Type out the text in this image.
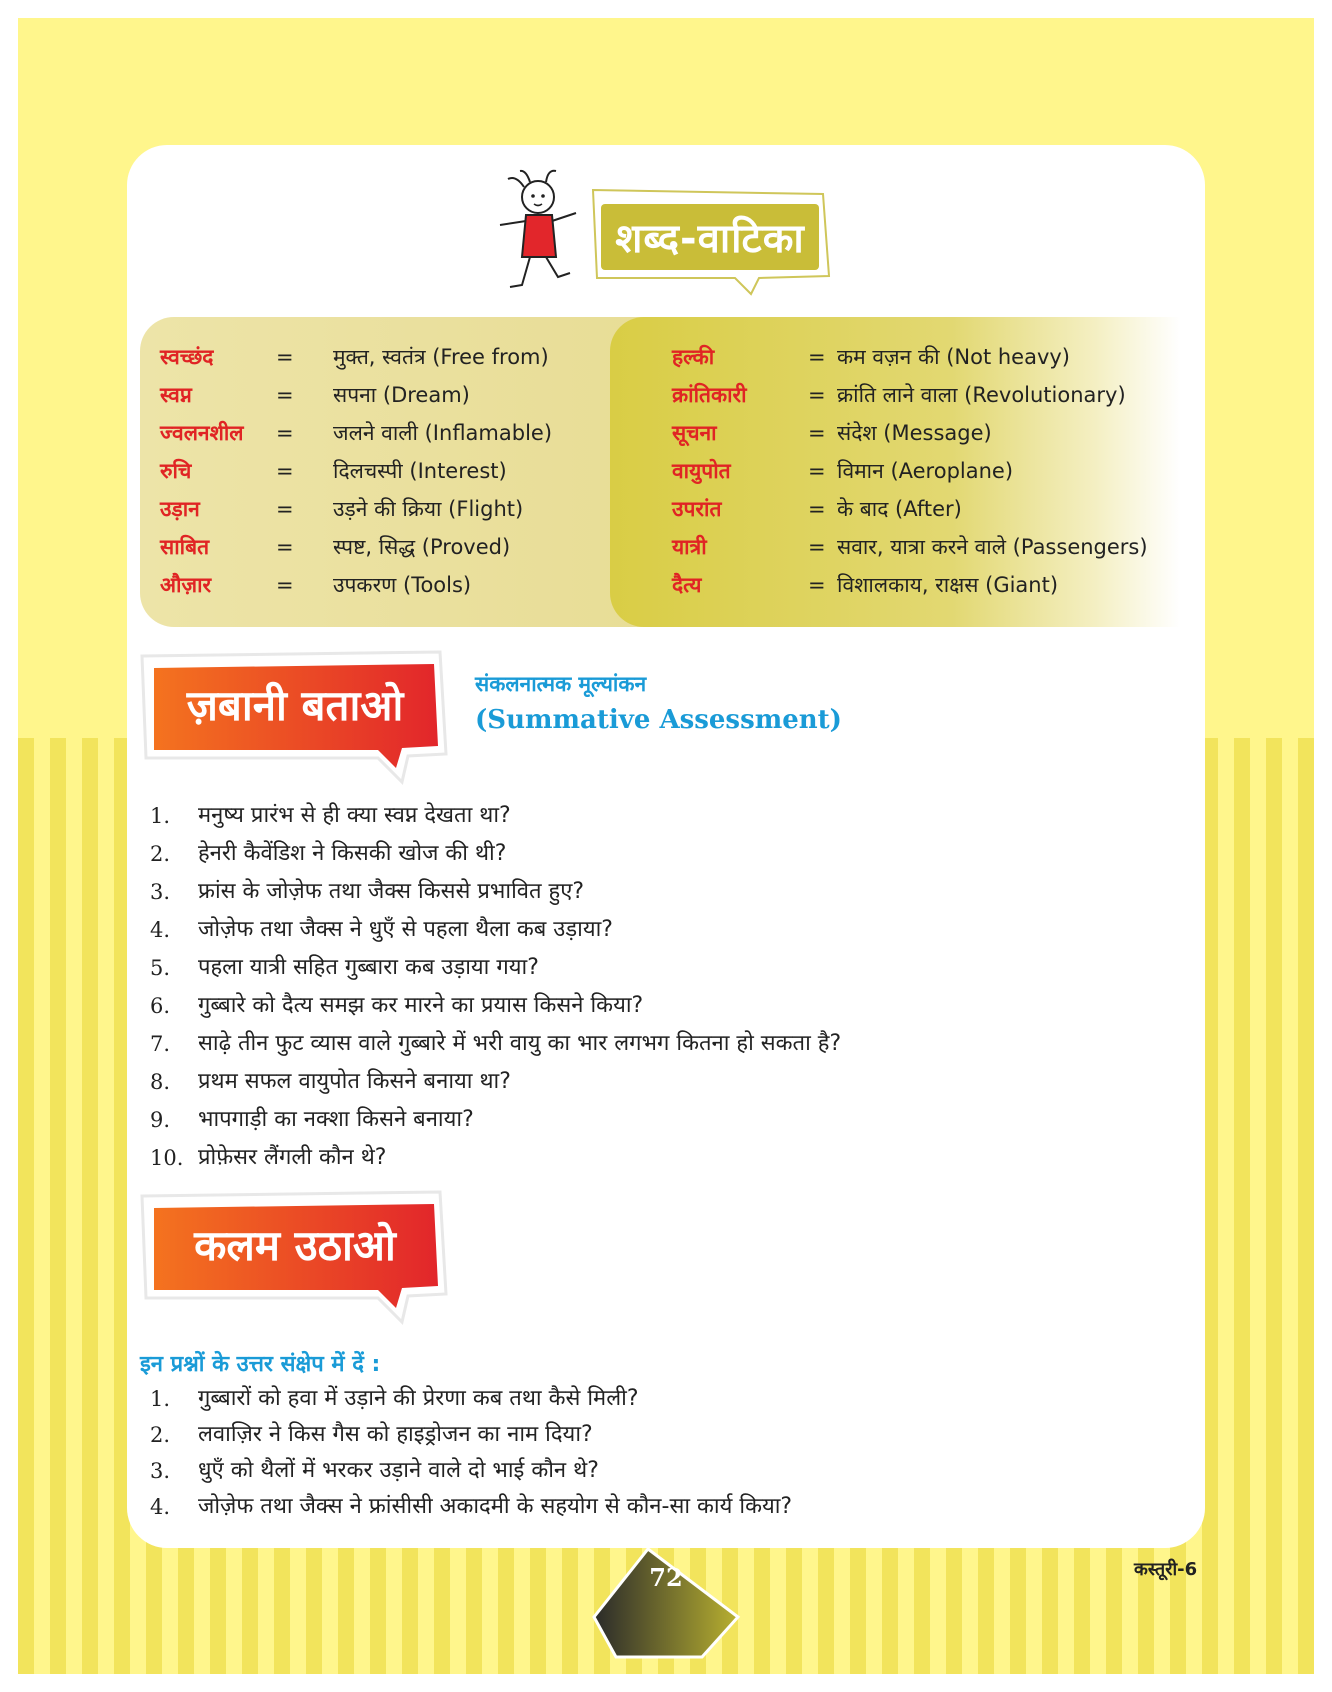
शब्द-वाटिका
स्वच्छंद	= मुक्त, स्वतंत्र (Free from)
स्वप्न	= सपना (Dream)
ज्वलनशील = जलने वाली (Inflamable)
रुचि	= दिलचस्पी (Interest)
उड़ान	= उड़ने की क्रिया (Flight)
साबित	= स्पष्ट, सिद्ध (Proved)
औज़ार	= उपकरण (Tools)
हल्की	= कम वज़न की (Not heavy)
क्रांतिकारी	= क्रांति लाने वाला (Revolutionary)
सूचना	= संदेश (Message)
वायुपोत	= विमान (Aeroplane)
उपरांत	= के बाद (After)
यात्री	= सवार, यात्रा करने वाले (Passengers)
दैत्य	= विशालकाय, राक्षस (Giant)
ज़बानी बताओ	संकलनात्मक मूल्यांकन
(Summative Assessment)
1. मनुष्य प्रारंभ से ही क्या स्वप्न देखता था?
2. हेनरी कैवेंडिश ने किसकी खोज की थी?
3. फ्रांस के जोज़ेफ तथा जैक्स किससे प्रभावित हुए?
4. जोज़ेफ तथा जैक्स ने धुएँ से पहला थैला कब उड़ाया?
5. पहला यात्री सहित गुब्बारा कब उड़ाया गया?
6. गुब्बारे को दैत्य समझ कर मारने का प्रयास किसने किया?
7. साढ़े तीन फुट व्यास वाले गुब्बारे में भरी वायु का भार लगभग कितना हो सकता है?
8. प्रथम सफल वायुपोत किसने बनाया था?
9. भापगाड़ी का नक्शा किसने बनाया?
10. प्रोफ़ेसर लैंगली कौन थे?
कलम उठाओ
इन प्रश्नों के उत्तर संक्षेप में दें :
1. गुब्बारों को हवा में उड़ाने की प्रेरणा कब तथा कैसे मिली?
2. लवाज़िर ने किस गैस को हाइड्रोजन का नाम दिया?
3. धुएँ को थैलों में भरकर उड़ाने वाले दो भाई कौन थे?
4. जोज़ेफ तथा जैक्स ने फ्रांसीसी अकादमी के सहयोग से कौन-सा कार्य किया?
72	कस्तूरी-6
